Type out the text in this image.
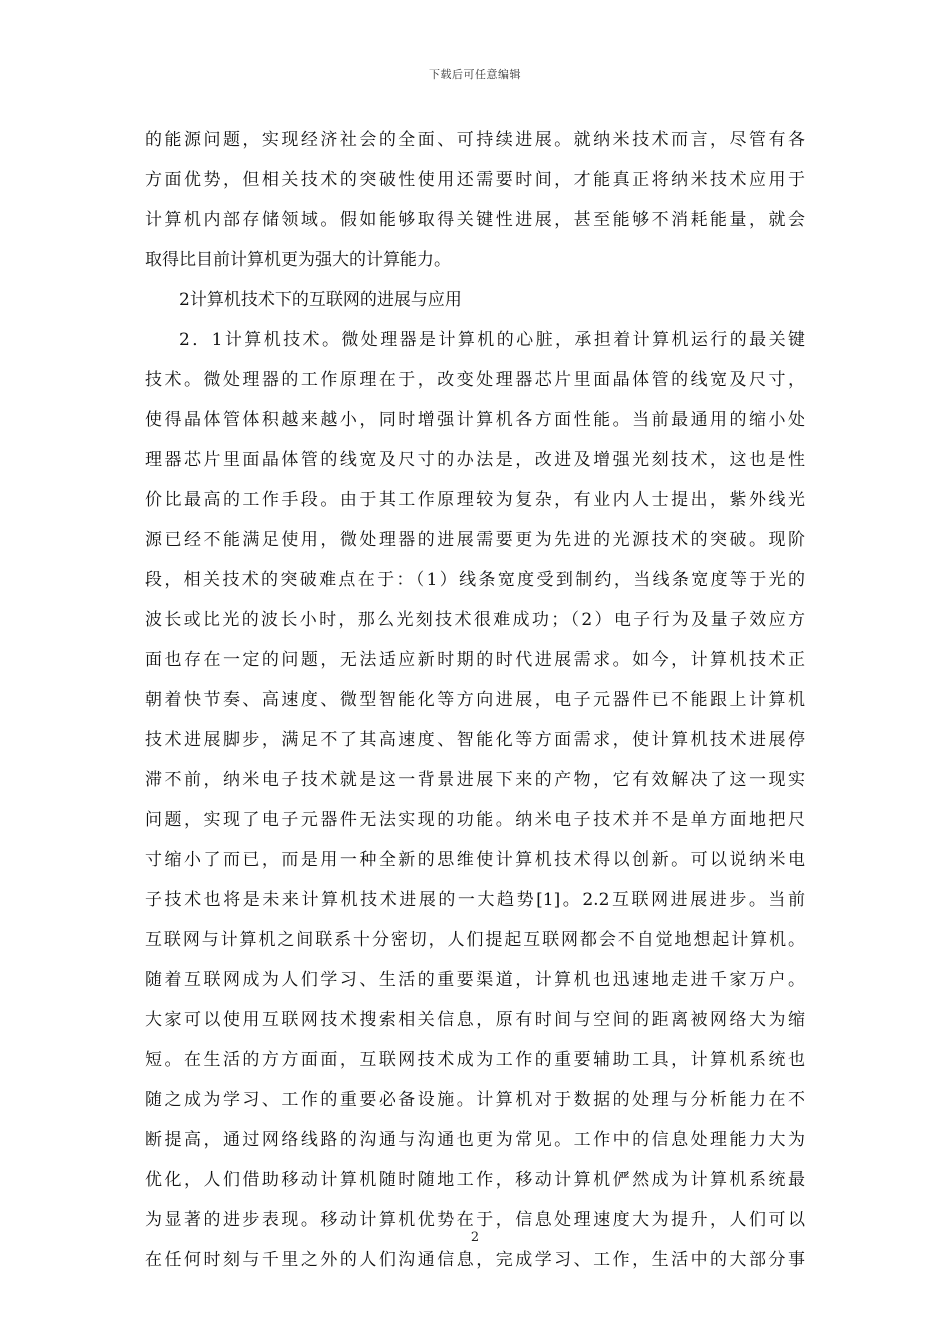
下载后可任意编辑
的能源问题，实现经济社会的全面、可持续进展。就纳米技术而言，尽管有各
方面优势，但相关技术的突破性使用还需要时间，才能真正将纳米技术应用于
计算机内部存储领域。假如能够取得关键性进展，甚至能够不消耗能量，就会
取得比目前计算机更为强大的计算能力。
2计算机技术下的互联网的进展与应用
2．1计算机技术。微处理器是计算机的心脏，承担着计算机运行的最关键
技术。微处理器的工作原理在于，改变处理器芯片里面晶体管的线宽及尺寸，
使得晶体管体积越来越小，同时增强计算机各方面性能。当前最通用的缩小处
理器芯片里面晶体管的线宽及尺寸的办法是，改进及增强光刻技术，这也是性
价比最高的工作手段。由于其工作原理较为复杂，有业内人士提出，紫外线光
源已经不能满足使用，微处理器的进展需要更为先进的光源技术的突破。现阶
段，相关技术的突破难点在于：（1）线条宽度受到制约，当线条宽度等于光的
波长或比光的波长小时，那么光刻技术很难成功；（2）电子行为及量子效应方
面也存在一定的问题，无法适应新时期的时代进展需求。如今，计算机技术正
朝着快节奏、高速度、微型智能化等方向进展，电子元器件已不能跟上计算机
技术进展脚步，满足不了其高速度、智能化等方面需求，使计算机技术进展停
滞不前，纳米电子技术就是这一背景进展下来的产物，它有效解决了这一现实
问题，实现了电子元器件无法实现的功能。纳米电子技术并不是单方面地把尺
寸缩小了而已，而是用一种全新的思维使计算机技术得以创新。可以说纳米电
子技术也将是未来计算机技术进展的一大趋势[1]。2.2互联网进展进步。当前
互联网与计算机之间联系十分密切，人们提起互联网都会不自觉地想起计算机。
随着互联网成为人们学习、生活的重要渠道，计算机也迅速地走进千家万户。
大家可以使用互联网技术搜索相关信息，原有时间与空间的距离被网络大为缩
短。在生活的方方面面，互联网技术成为工作的重要辅助工具，计算机系统也
随之成为学习、工作的重要必备设施。计算机对于数据的处理与分析能力在不
断提高，通过网络线路的沟通与沟通也更为常见。工作中的信息处理能力大为
优化，人们借助移动计算机随时随地工作，移动计算机俨然成为计算机系统最
为显著的进步表现。移动计算机优势在于，信息处理速度大为提升，人们可以
在任何时刻与千里之外的人们沟通信息，完成学习、工作，生活中的大部分事
2
